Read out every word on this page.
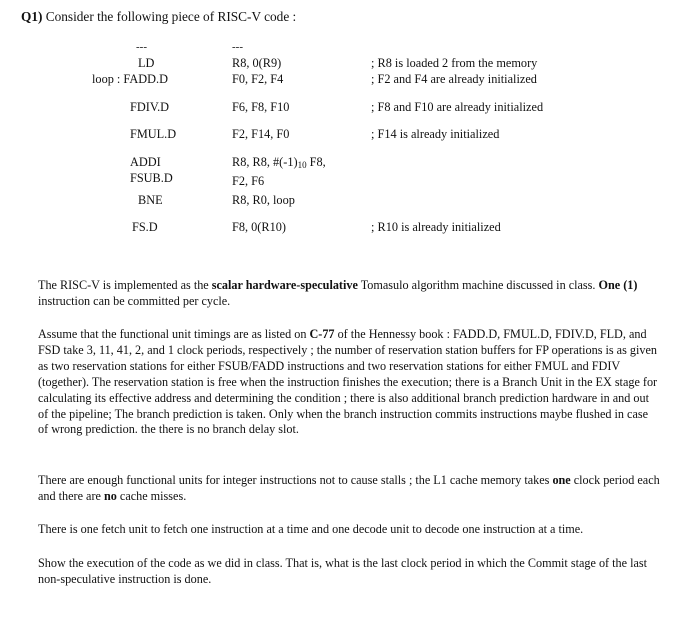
Q1) Consider the following piece of RISC-V code :
---	---
LD	R8, 0(R9)	; R8 is loaded 2 from the memory
loop : FADD.D	F0, F2, F4	; F2 and F4 are already initialized
FDIV.D	F6, F8, F10	; F8 and F10 are already initialized
FMUL.D	F2, F14, F0	; F14 is already initialized
ADDI	R8, R8, #(-1)10 F8,
FSUB.D	F2, F6
BNE	R8, R0, loop
FS.D	F8, 0(R10)	; R10 is already initialized
The RISC-V is implemented as the scalar hardware-speculative Tomasulo algorithm machine discussed in class. One (1) instruction can be committed per cycle.
Assume that the functional unit timings are as listed on C-77 of the Hennessy book : FADD.D, FMUL.D, FDIV.D, FLD, and FSD take 3, 11, 41, 2, and 1 clock periods, respectively ; the number of reservation station buffers for FP operations is as given as two reservation stations for either FSUB/FADD instructions and two reservation stations for either FMUL and FDIV (together). The reservation station is free when the instruction finishes the execution; there is a Branch Unit in the EX stage for calculating its effective address and determining the condition ; there is also additional branch prediction hardware in and out of the pipeline; The branch prediction is taken. Only when the branch instruction commits instructions maybe flushed in case of wrong prediction. the there is no branch delay slot.
There are enough functional units for integer instructions not to cause stalls ; the L1 cache memory takes one clock period each and there are no cache misses.
There is one fetch unit to fetch one instruction at a time and one decode unit to decode one instruction at a time.
Show the execution of the code as we did in class. That is, what is the last clock period in which the Commit stage of the last non-speculative instruction is done.
